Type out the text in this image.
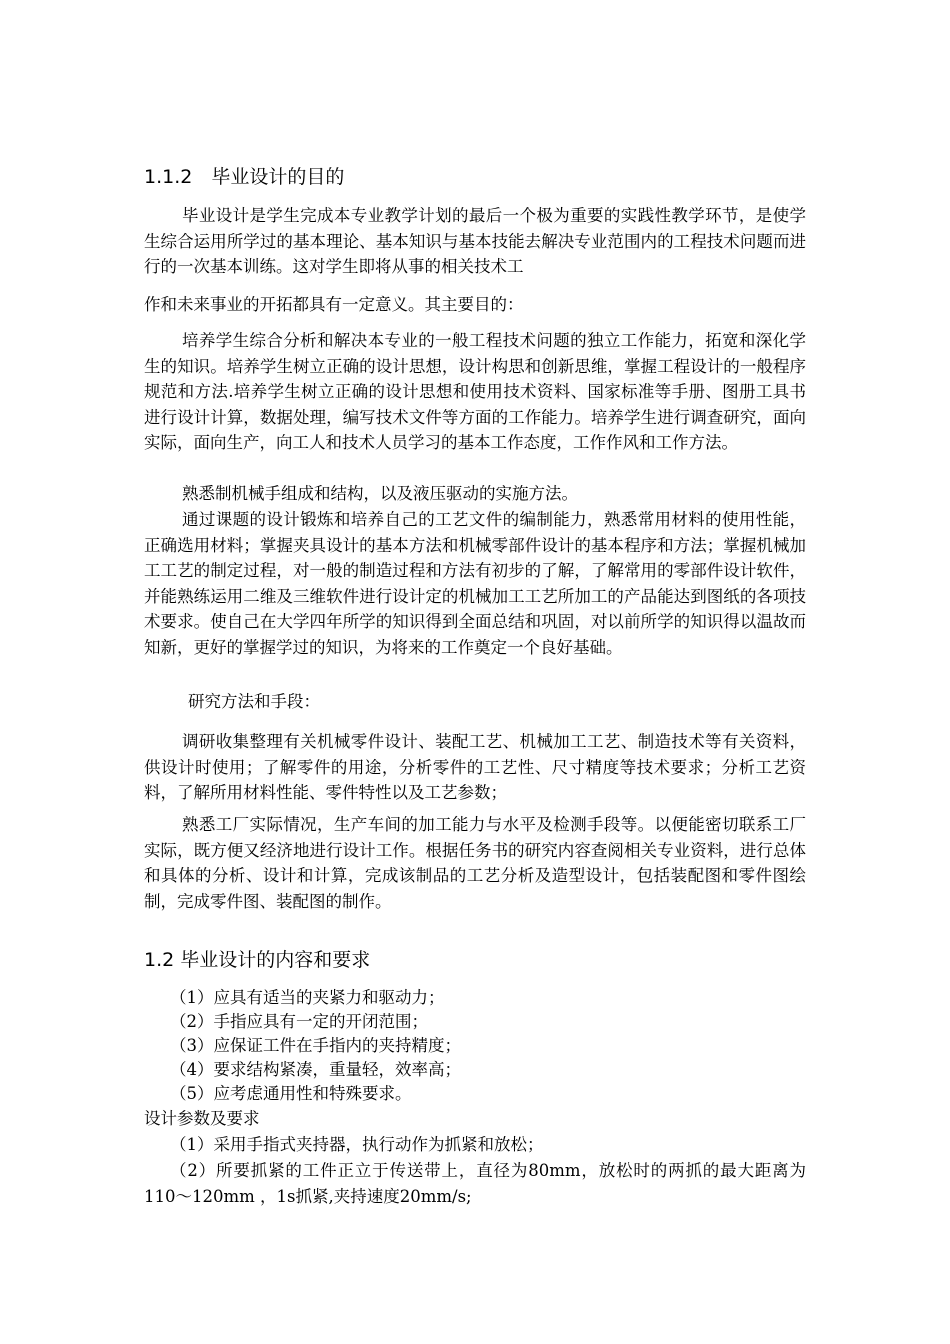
1.1.2　毕业设计的目的
毕业设计是学生完成本专业教学计划的最后一个极为重要的实践性教学环节，是使学生综合运用所学过的基本理论、基本知识与基本技能去解决专业范围内的工程技术问题而进行的一次基本训练。这对学生即将从事的相关技术工
作和未来事业的开拓都具有一定意义。其主要目的：
培养学生综合分析和解决本专业的一般工程技术问题的独立工作能力，拓宽和深化学生的知识。培养学生树立正确的设计思想，设计构思和创新思维，掌握工程设计的一般程序规范和方法.培养学生树立正确的设计思想和使用技术资料、国家标准等手册、图册工具书进行设计计算，数据处理，编写技术文件等方面的工作能力。培养学生进行调查研究，面向实际，面向生产，向工人和技术人员学习的基本工作态度，工作作风和工作方法。
熟悉制机械手组成和结构，以及液压驱动的实施方法。
通过课题的设计锻炼和培养自己的工艺文件的编制能力，熟悉常用材料的使用性能，正确选用材料；掌握夹具设计的基本方法和机械零部件设计的基本程序和方法；掌握机械加工工艺的制定过程，对一般的制造过程和方法有初步的了解，了解常用的零部件设计软件，并能熟练运用二维及三维软件进行设计定的机械加工工艺所加工的产品能达到图纸的各项技术要求。使自己在大学四年所学的知识得到全面总结和巩固，对以前所学的知识得以温故而知新，更好的掌握学过的知识，为将来的工作奠定一个良好基础。
研究方法和手段：
调研收集整理有关机械零件设计、装配工艺、机械加工工艺、制造技术等有关资料，供设计时使用；了解零件的用途，分析零件的工艺性、尺寸精度等技术要求；分析工艺资料，了解所用材料性能、零件特性以及工艺参数；
熟悉工厂实际情况，生产车间的加工能力与水平及检测手段等。以便能密切联系工厂实际，既方便又经济地进行设计工作。根据任务书的研究内容查阅相关专业资料，进行总体和具体的分析、设计和计算，完成该制品的工艺分析及造型设计，包括装配图和零件图绘制，完成零件图、装配图的制作。
1.2 毕业设计的内容和要求
（1）应具有适当的夹紧力和驱动力；
（2）手指应具有一定的开闭范围；
（3）应保证工件在手指内的夹持精度；
（4）要求结构紧凑，重量轻，效率高；
（5）应考虑通用性和特殊要求。
设计参数及要求
（1）采用手指式夹持器，执行动作为抓紧和放松；
（2）所要抓紧的工件正立于传送带上，直径为80mm，放松时的两抓的最大距离为110～120mm ，1s抓紧,夹持速度20mm/s;
